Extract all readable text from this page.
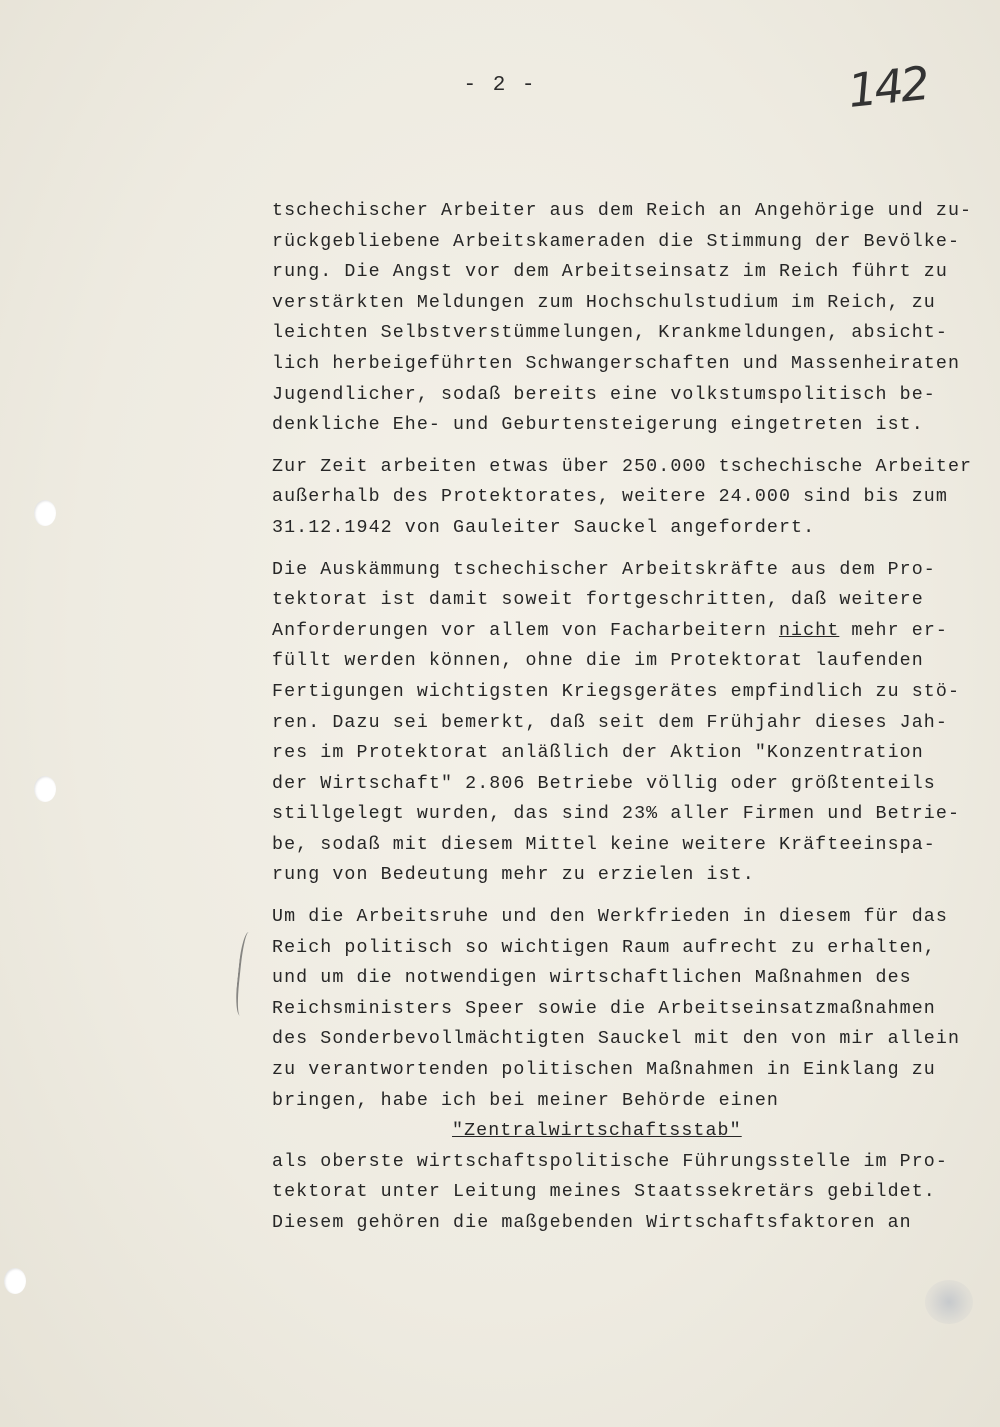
- 2 -	142
tschechischer Arbeiter aus dem Reich an Angehörige und zu-
rückgebliebene Arbeitskameraden die Stimmung der Bevölke-
rung. Die Angst vor dem Arbeitseinsatz im Reich führt zu
verstärkten Meldungen zum Hochschulstudium im Reich, zu
leichten Selbstverstümmelungen, Krankmeldungen, absicht-
lich herbeigeführten Schwangerschaften und Massenheiraten
Jugendlicher, sodaß bereits eine volkstumspolitisch be-
denkliche Ehe- und Geburtensteigerung eingetreten ist.
Zur Zeit arbeiten etwas über 250.000 tschechische Arbeiter
außerhalb des Protektorates, weitere 24.000 sind bis zum
31.12.1942 von Gauleiter Sauckel angefordert.
Die Auskämmung tschechischer Arbeitskräfte aus dem Pro-
tektorat ist damit soweit fortgeschritten, daß weitere
Anforderungen vor allem von Facharbeitern nicht mehr er-
füllt werden können, ohne die im Protektorat laufenden
Fertigungen wichtigsten Kriegsgerätes empfindlich zu stö-
ren. Dazu sei bemerkt, daß seit dem Frühjahr dieses Jah-
res im Protektorat anläßlich der Aktion "Konzentration
der Wirtschaft" 2.806 Betriebe völlig oder größtenteils
stillgelegt wurden, das sind 23% aller Firmen und Betrie-
be, sodaß mit diesem Mittel keine weitere Kräfteeinspa-
rung von Bedeutung mehr zu erzielen ist.
Um die Arbeitsruhe und den Werkfrieden in diesem für das
Reich politisch so wichtigen Raum aufrecht zu erhalten,
und um die notwendigen wirtschaftlichen Maßnahmen des
Reichsministers Speer sowie die Arbeitseinsatzmaßnahmen
des Sonderbevollmächtigten Sauckel mit den von mir allein
zu verantwortenden politischen Maßnahmen in Einklang zu
bringen, habe ich bei meiner Behörde einen
"Zentralwirtschaftsstab"
als oberste wirtschaftspolitische Führungsstelle im Pro-
tektorat unter Leitung meines Staatssekretärs gebildet.
Diesem gehören die maßgebenden Wirtschaftsfaktoren an
